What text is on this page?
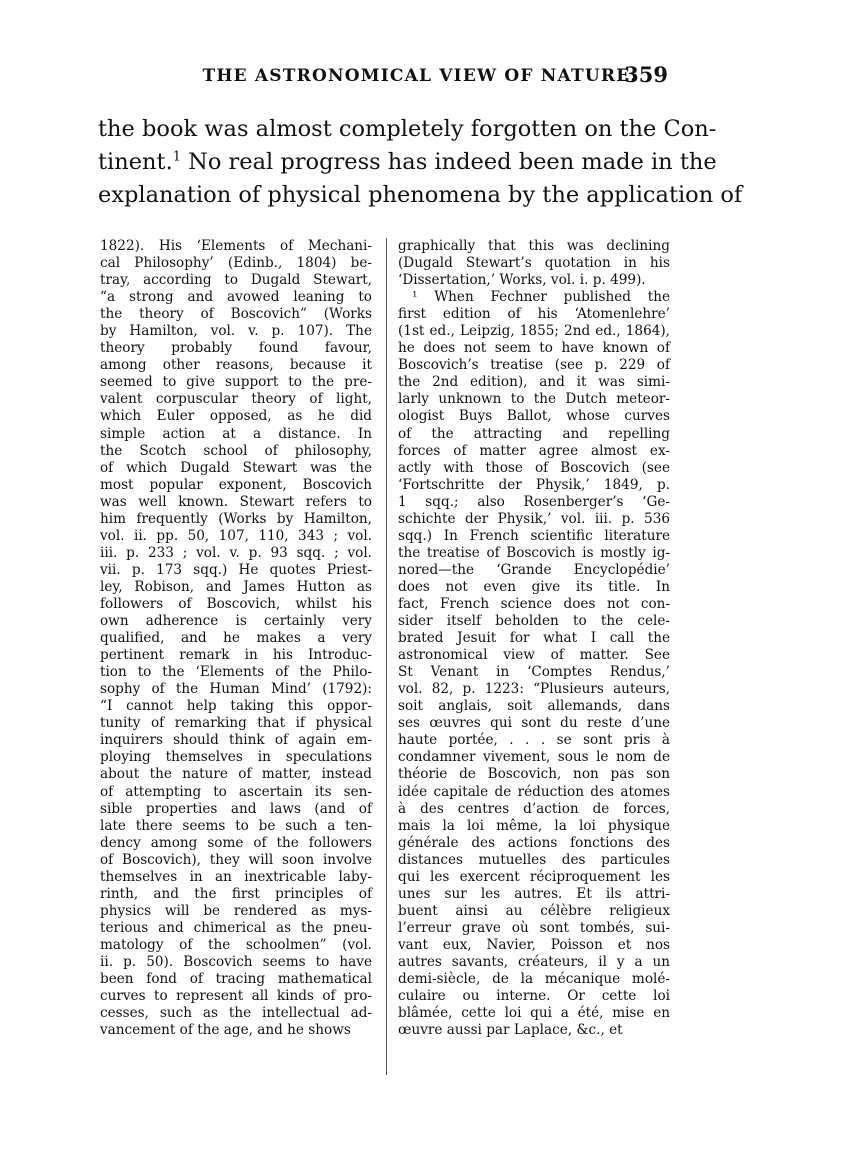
THE ASTRONOMICAL VIEW OF NATURE.
359
the book was almost completely forgotten on the Con-
tinent.$^1$ No real progress has indeed been made in the
explanation of physical phenomena by the application of
1822). His ‘Elements of Mechani-
cal Philosophy’ (Edinb., 1804) be-
tray, according to Dugald Stewart,
“a strong and avowed leaning to
the theory of Boscovich” (Works
by Hamilton, vol. v. p. 107). The
theory probably found favour,
among other reasons, because it
seemed to give support to the pre-
valent corpuscular theory of light,
which Euler opposed, as he did
simple action at a distance. In
the Scotch school of philosophy,
of which Dugald Stewart was the
most popular exponent, Boscovich
was well known. Stewart refers to
him frequently (Works by Hamilton,
vol. ii. pp. 50, 107, 110, 343 ; vol.
iii. p. 233 ; vol. v. p. 93 sqq. ; vol.
vii. p. 173 sqq.) He quotes Priest-
ley, Robison, and James Hutton as
followers of Boscovich, whilst his
own adherence is certainly very
qualified, and he makes a very
pertinent remark in his Introduc-
tion to the ‘Elements of the Philo-
sophy of the Human Mind’ (1792):
“I cannot help taking this oppor-
tunity of remarking that if physical
inquirers should think of again em-
ploying themselves in speculations
about the nature of matter, instead
of attempting to ascertain its sen-
sible properties and laws (and of
late there seems to be such a ten-
dency among some of the followers
of Boscovich), they will soon involve
themselves in an inextricable laby-
rinth, and the first principles of
physics will be rendered as mys-
terious and chimerical as the pneu-
matology of the schoolmen” (vol.
ii. p. 50). Boscovich seems to have
been fond of tracing mathematical
curves to represent all kinds of pro-
cesses, such as the intellectual ad-
vancement of the age, and he shows
graphically that this was declining
(Dugald Stewart’s quotation in his
‘Dissertation,’ Works, vol. i. p. 499).
¹ When Fechner published the
first edition of his ‘Atomenlehre’
(1st ed., Leipzig, 1855; 2nd ed., 1864),
he does not seem to have known of
Boscovich’s treatise (see p. 229 of
the 2nd edition), and it was simi-
larly unknown to the Dutch meteor-
ologist Buys Ballot, whose curves
of the attracting and repelling
forces of matter agree almost ex-
actly with those of Boscovich (see
‘Fortschritte der Physik,’ 1849, p.
1 sqq.; also Rosenberger’s ‘Ge-
schichte der Physik,’ vol. iii. p. 536
sqq.) In French scientific literature
the treatise of Boscovich is mostly ig-
nored—the ‘Grande Encyclopédie’
does not even give its title. In
fact, French science does not con-
sider itself beholden to the cele-
brated Jesuit for what I call the
astronomical view of matter. See
St Venant in ‘Comptes Rendus,’
vol. 82, p. 1223: “Plusieurs auteurs,
soit anglais, soit allemands, dans
ses œuvres qui sont du reste d’une
haute portée, . . . se sont pris à
condamner vivement, sous le nom de
théorie de Boscovich, non pas son
idée capitale de réduction des atomes
à des centres d’action de forces,
mais la loi même, la loi physique
générale des actions fonctions des
distances mutuelles des particules
qui les exercent réciproquement les
unes sur les autres. Et ils attri-
buent ainsi au célèbre religieux
l’erreur grave où sont tombés, sui-
vant eux, Navier, Poisson et nos
autres savants, créateurs, il y a un
demi-siècle, de la mécanique molé-
culaire ou interne. Or cette loi
blâmée, cette loi qui a été, mise en
œuvre aussi par Laplace, &c., et
